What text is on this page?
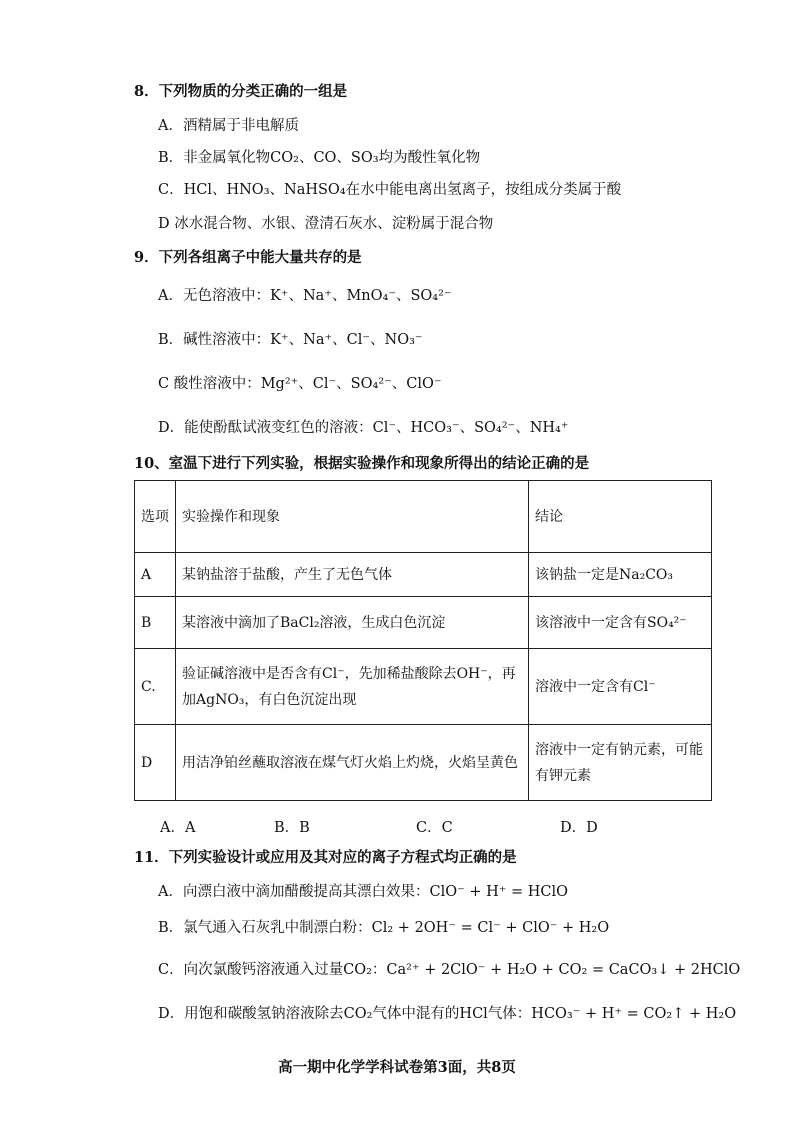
8．下列物质的分类正确的一组是
A．酒精属于非电解质
B．非金属氧化物CO₂、CO、SO₃均为酸性氧化物
C．HCl、HNO₃、NaHSO₄在水中能电离出氢离子，按组成分类属于酸
D 冰水混合物、水银、澄清石灰水、淀粉属于混合物
9．下列各组离子中能大量共存的是
A．无色溶液中：K⁺、Na⁺、MnO₄⁻、SO₄²⁻
B．碱性溶液中：K⁺、Na⁺、Cl⁻、NO₃⁻
C 酸性溶液中：Mg²⁺、Cl⁻、SO₄²⁻、ClO⁻
D．能使酚酞试液变红色的溶液：Cl⁻、HCO₃⁻、SO₄²⁻、NH₄⁺
10、室温下进行下列实验，根据实验操作和现象所得出的结论正确的是
选项	实验操作和现象	结论
A	某钠盐溶于盐酸，产生了无色气体	该钠盐一定是Na₂CO₃
B	某溶液中滴加了BaCl₂溶液，生成白色沉淀	该溶液中一定含有SO₄²⁻
C.	验证碱溶液中是否含有Cl⁻，先加稀盐酸除去OH⁻，再加AgNO₃，有白色沉淀出现	溶液中一定含有Cl⁻
D	用洁净铂丝蘸取溶液在煤气灯火焰上灼烧，火焰呈黄色	溶液中一定有钠元素，可能有钾元素
A．A	B．B	C．C	D．D
11．下列实验设计或应用及其对应的离子方程式均正确的是
A．向漂白液中滴加醋酸提高其漂白效果：ClO⁻ + H⁺ = HClO
B．氯气通入石灰乳中制漂白粉：Cl₂ + 2OH⁻ = Cl⁻ + ClO⁻ + H₂O
C．向次氯酸钙溶液通入过量CO₂：Ca²⁺ + 2ClO⁻ + H₂O + CO₂ = CaCO₃↓ + 2HClO
D．用饱和碳酸氢钠溶液除去CO₂气体中混有的HCl气体：HCO₃⁻ + H⁺ = CO₂↑ + H₂O
高一期中化学学科试卷第3面，共8页
